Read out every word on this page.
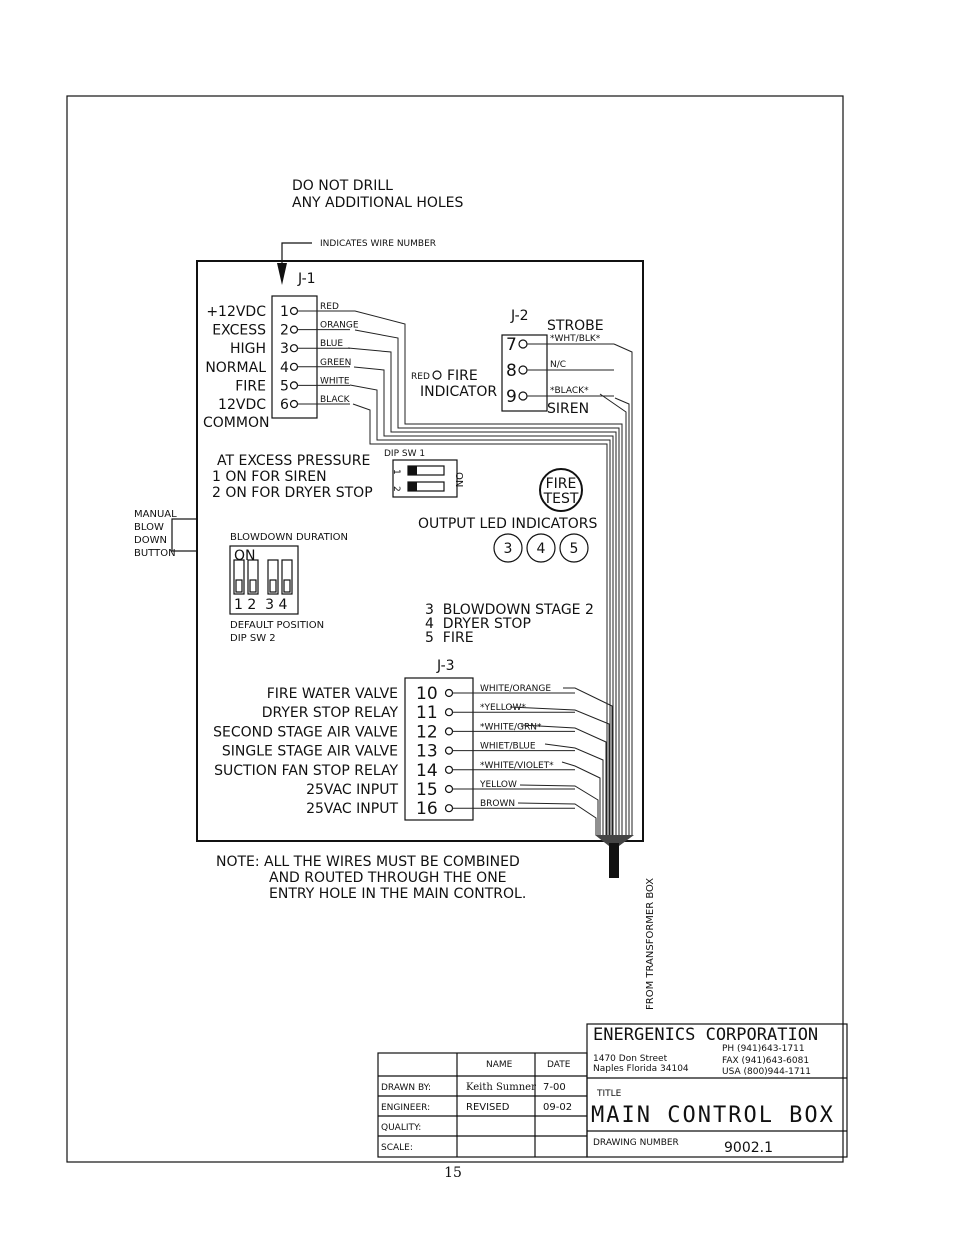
DO NOT DRILL
ANY ADDITIONAL HOLES
INDICATES WIRE NUMBER
J-1
+12VDC 1	RED
EXCESS 2	ORANGE
HIGH 3	BLUE
NORMAL 4	GREEN
FIRE 5	WHITE
12VDC 6	BLACK
COMMON
J-2
STROBE
7	*WHT/BLK*
8	N/C
9	*BLACK*
SIREN
RED FIRE
INDICATOR
DIP SW 1
1
2
ON
AT EXCESS PRESSURE
1 ON FOR SIREN
2 ON FOR DRYER STOP
FIRE
TEST
OUTPUT LED INDICATORS
3 4 5
MANUAL
BLOW
DOWN
BUTTON
BLOWDOWN DURATION
ON
1 2  3 4
DEFAULT POSITION
DIP SW 2
3  BLOWDOWN STAGE 2
4  DRYER STOP
5  FIRE
J-3
FIRE WATER VALVE 10	WHITE/ORANGE
DRYER STOP RELAY 11	*YELLOW*
SECOND STAGE AIR VALVE 12	*WHITE/GRN*
SINGLE STAGE AIR VALVE 13	WHIET/BLUE
SUCTION FAN STOP RELAY 14	*WHITE/VIOLET*
25VAC INPUT 15	YELLOW
25VAC INPUT 16	BROWN
NOTE: ALL THE WIRES MUST BE COMBINED
AND ROUTED THROUGH THE ONE
ENTRY HOLE IN THE MAIN CONTROL.	FROM TRANSFORMER BOX
ENERGENICS CORPORATION
1470 Don Street
Naples Florida 34104
PH (941)643-1711
FAX (941)643-6081
USA (800)944-1711
TITLE
MAIN CONTROL BOX
DRAWING NUMBER	9002.1
NAME	DATE
DRAWN BY:	Keith Sumner 7-00
ENGINEER:	REVISED	09-02
QUALITY:
SCALE:
15
